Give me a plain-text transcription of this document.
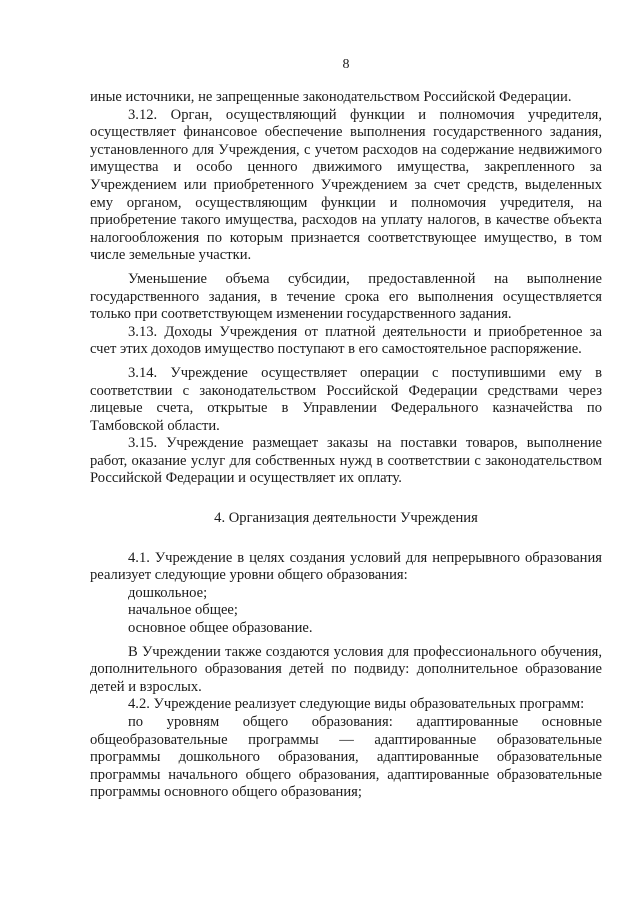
8

иные источники, не запрещенные законодательством Российской Федерации.

3.12. Орган, осуществляющий функции и полномочия учредителя, осуществляет финансовое обеспечение выполнения государственного задания, установленного для Учреждения, с учетом расходов на содержание недвижимого имущества и особо ценного движимого имущества, закрепленного за Учреждением или приобретенного Учреждением за счет средств, выделенных ему органом, осуществляющим функции и полномочия учредителя, на приобретение такого имущества, расходов на уплату налогов, в качестве объекта налогообложения по которым признается соответствующее имущество, в том числе земельные участки.

Уменьшение объема субсидии, предоставленной на выполнение государственного задания, в течение срока его выполнения осуществляется только при соответствующем изменении государственного задания.

3.13. Доходы Учреждения от платной деятельности и приобретенное за счет этих доходов имущество поступают в его самостоятельное распоряжение.

3.14. Учреждение осуществляет операции с поступившими ему в соответствии с законодательством Российской Федерации средствами через лицевые счета, открытые в Управлении Федерального казначейства по Тамбовской области.

3.15. Учреждение размещает заказы на поставки товаров, выполнение работ, оказание услуг для собственных нужд в соответствии с законодательством Российской Федерации и осуществляет их оплату.

4. Организация деятельности Учреждения

4.1. Учреждение в целях создания условий для непрерывного образования реализует следующие уровни общего образования:

дошкольное;

начальное общее;

основное общее образование.

В Учреждении также создаются условия для профессионального обучения, дополнительного образования детей по подвиду: дополнительное образование детей и взрослых.

4.2. Учреждение реализует следующие виды образовательных программ:

по уровням общего образования: адаптированные основные общеобразовательные программы — адаптированные образовательные программы дошкольного образования, адаптированные образовательные программы начального общего образования, адаптированные образовательные программы основного общего образования;
